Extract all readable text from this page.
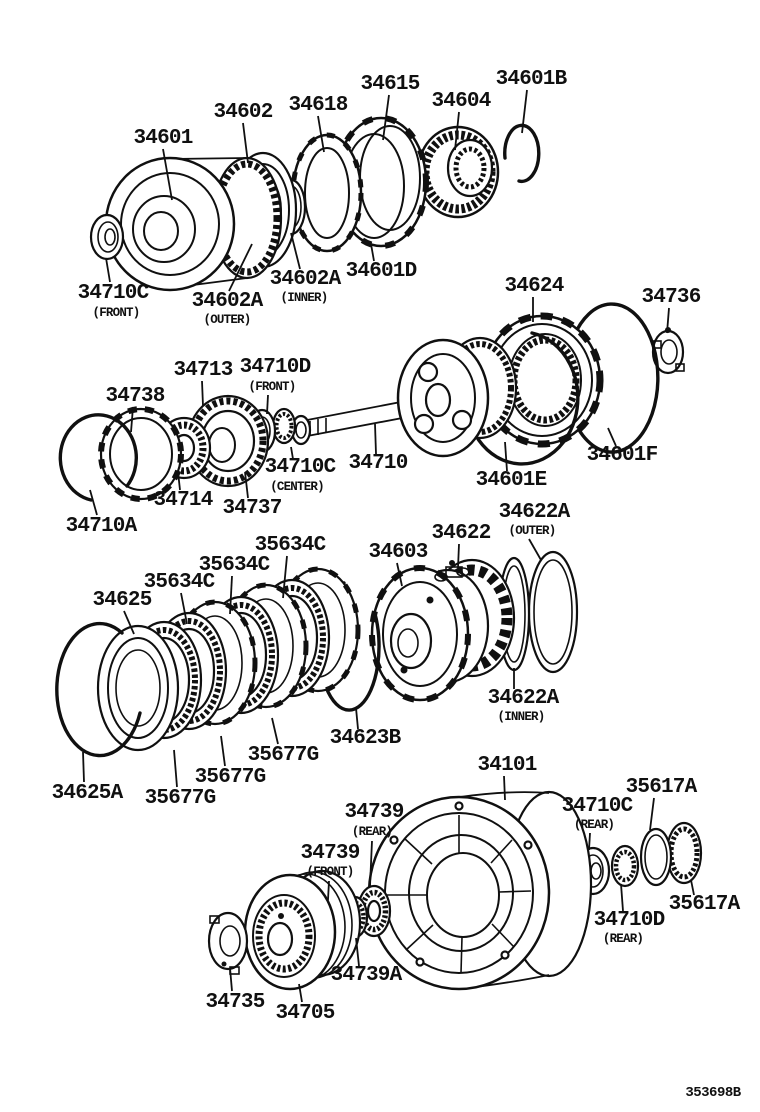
34601
34602 34618
34615
34604
34601B
34710C
(FRONT) 34602A
(OUTER)
34602A
(INNER)
34601D
34624	34736
34738
34713 34710D
(FRONT)
34710A
34714 34737
34710C
(CENTER)
34710
34601E
34601F
34622A
(OUTER)
34622
34603
34622A
(INNER)
34623B
34625
35634C
35634C
35634C
34625A 35677G
35677G
35677G	34101
35617A
34710C
(REAR)
34710D
(REAR)
35617A
34739
(REAR)
34739
(FRONT)
34739A
34735 34705
353698B
